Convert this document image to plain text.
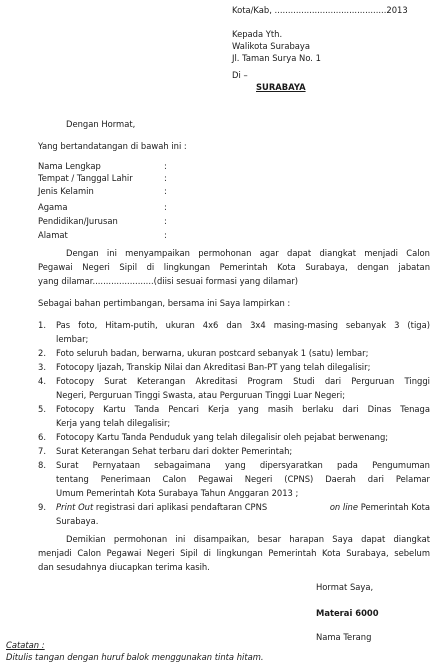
Kota/Kab, ..........................................2013
Kepada Yth.
Walikota Surabaya
Jl. Taman Surya No. 1
Di –
SURABAYA
Dengan Hormat,
Yang bertandatangan di bawah ini :
Nama Lengkap	:
Tempat / Tanggal Lahir	:
Jenis Kelamin	:
Agama	:
Pendidikan/Jurusan	:
Alamat	:
Dengan ini menyampaikan permohonan agar dapat diangkat menjadi Calon
Pegawai Negeri Sipil di lingkungan Pemerintah Kota Surabaya, dengan jabatan
yang dilamar.......................(diisi sesuai formasi yang dilamar)
Sebagai bahan pertimbangan, bersama ini Saya lampirkan :
1. Pas foto, Hitam-putih, ukuran 4x6 dan 3x4 masing-masing sebanyak 3 (tiga)
lembar;
2. Foto seluruh badan, berwarna, ukuran postcard sebanyak 1 (satu) lembar;
3. Fotocopy Ijazah, Transkip Nilai dan Akreditasi Ban-PT yang telah dilegalisir;
4. Fotocopy Surat Keterangan Akreditasi Program Studi dari Perguruan Tinggi
Negeri, Perguruan Tinggi Swasta, atau Perguruan Tinggi Luar Negeri;
5. Fotocopy Kartu Tanda Pencari Kerja yang masih berlaku dari Dinas Tenaga
Kerja yang telah dilegalisir;
6. Fotocopy Kartu Tanda Penduduk yang telah dilegalisir oleh pejabat berwenang;
7. Surat Keterangan Sehat terbaru dari dokter Pemerintah;
8. Surat Pernyataan sebagaimana yang dipersyaratkan pada Pengumuman
tentang Penerimaan Calon Pegawai Negeri (CPNS) Daerah dari Pelamar
Umum Pemerintah Kota Surabaya Tahun Anggaran 2013 ;
9. Print Out registrasi dari aplikasi pendaftaran CPNS	on line Pemerintah Kota
Surabaya.
Demikian permohonan ini disampaikan, besar harapan Saya dapat diangkat
menjadi Calon Pegawai Negeri Sipil di lingkungan Pemerintah Kota Surabaya, sebelum
dan sesudahnya diucapkan terima kasih.
Hormat Saya,
Materai 6000
Nama Terang
Catatan :
Ditulis tangan dengan huruf balok menggunakan tinta hitam.
